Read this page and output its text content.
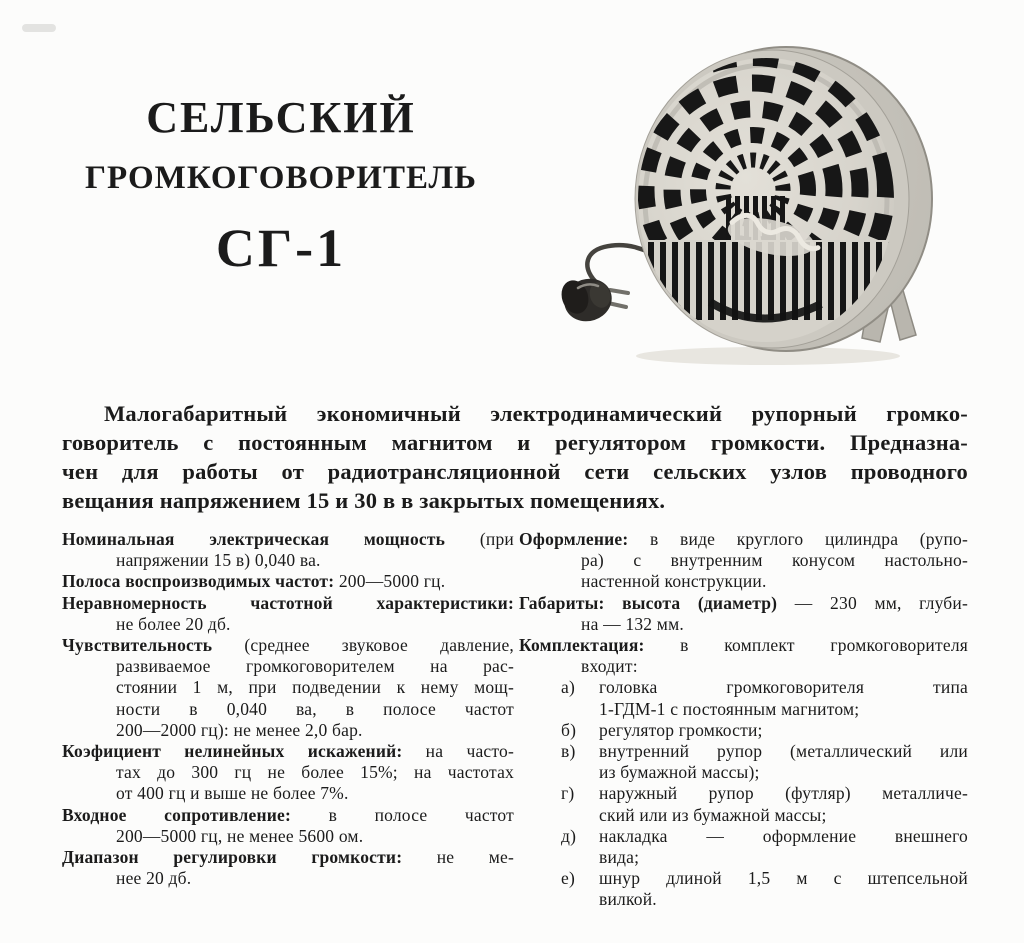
СЕЛЬСКИЙ
ГРОМКОГОВОРИТЕЛЬ
СГ-1
Малогабаритный экономичный электродинамический рупорный громко-
говоритель с постоянным магнитом и регулятором громкости. Предназна-
чен для работы от радиотрансляционной сети сельских узлов проводного
вещания напряжением 15 и 30 в в закрытых помещениях.
Номинальная электрическая мощность (при
напряжении 15 в) 0,040 ва.
Полоса воспроизводимых частот: 200—5000 гц.
Неравномерность частотной характеристики:
не более 20 дб.
Чувствительность (среднее звуковое давление,
развиваемое громкоговорителем на рас-
стоянии 1 м, при подведении к нему мощ-
ности в 0,040 ва, в полосе частот
200—2000 гц): не менее 2,0 бар.
Коэфициент нелинейных искажений: на часто-
тах до 300 гц не более 15%; на частотах
от 400 гц и выше не более 7%.
Входное сопротивление: в полосе частот
200—5000 гц, не менее 5600 ом.
Диапазон регулировки громкости: не ме-
нее 20 дб.
Оформление: в виде круглого цилиндра (рупо-
ра) с внутренним конусом настольно-
настенной конструкции.
Габариты: высота (диаметр) — 230 мм, глуби-
на — 132 мм.
Комплектация: в комплект громкоговорителя
входит:
а) головка громкоговорителя типа
1-ГДМ-1 с постоянным магнитом;
б) регулятор громкости;
в) внутренний рупор (металлический или
из бумажной массы);
г) наружный рупор (футляр) металличе-
ский или из бумажной массы;
д) накладка — оформление внешнего
вида;
е) шнур длиной 1,5 м с штепсельной
вилкой.
